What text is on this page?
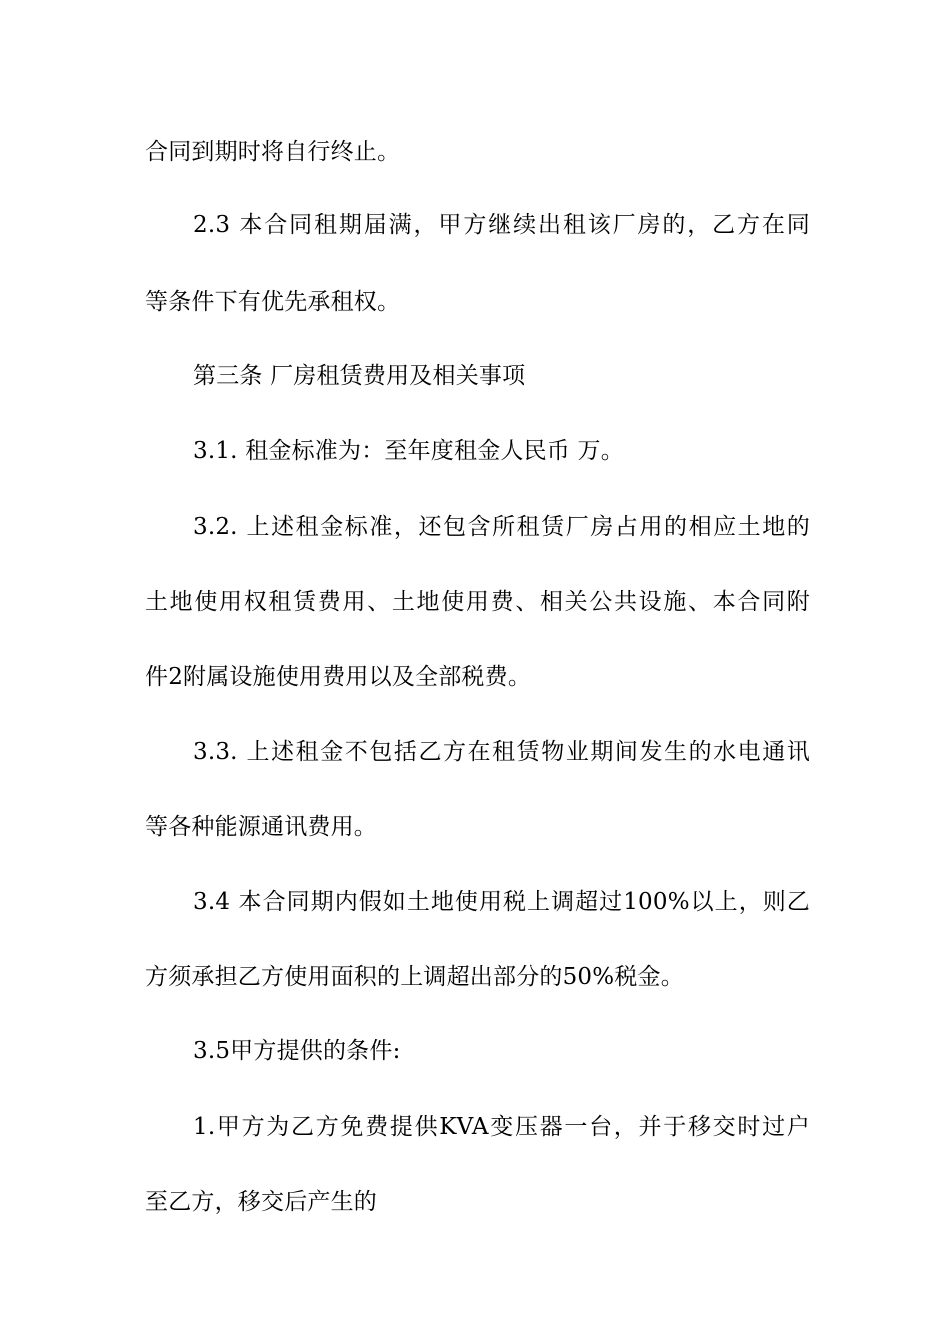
合同到期时将自行终止。
2.3 本合同租期届满，甲方继续出租该厂房的，乙方在同
等条件下有优先承租权。
第三条 厂房租赁费用及相关事项
3.1. 租金标准为：至年度租金人民币 万。
3.2. 上述租金标准，还包含所租赁厂房占用的相应土地的
土地使用权租赁费用、土地使用费、相关公共设施、本合同附
件2附属设施使用费用以及全部税费。
3.3. 上述租金不包括乙方在租赁物业期间发生的水电通讯
等各种能源通讯费用。
3.4 本合同期内假如土地使用税上调超过100%以上，则乙
方须承担乙方使用面积的上调超出部分的50%税金。
3.5甲方提供的条件:
1.甲方为乙方免费提供KVA变压器一台，并于移交时过户
至乙方，移交后产生的
